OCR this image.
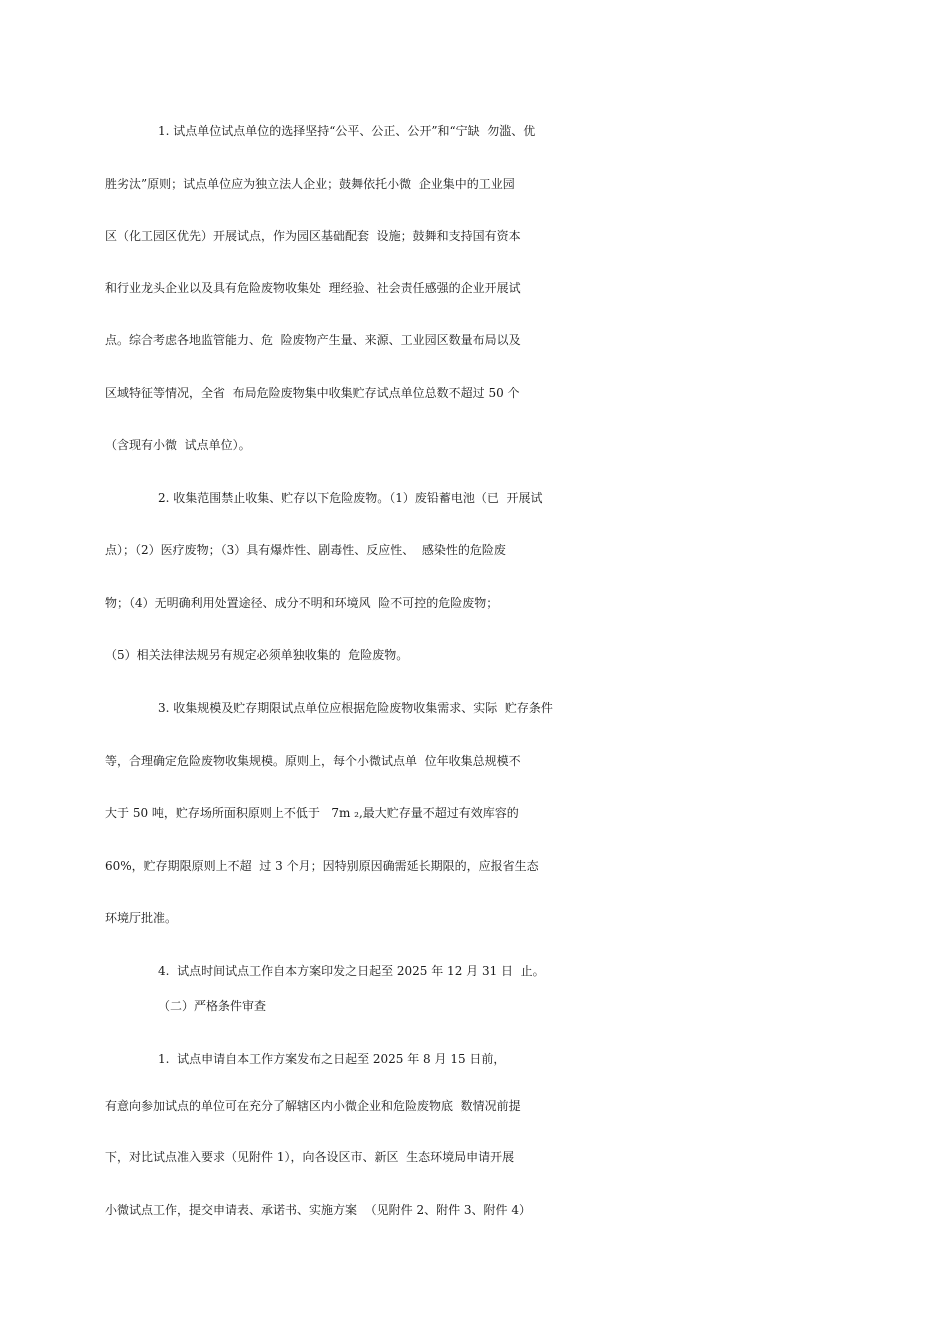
1. 试点单位试点单位的选择坚持“公平、公正、公开”和“宁缺  勿滥、优

胜劣汰”原则；试点单位应为独立法人企业；鼓舞依托小微  企业集中的工业园

区（化工园区优先）开展试点，作为园区基础配套  设施；鼓舞和支持国有资本

和行业龙头企业以及具有危险废物收集处  理经验、社会责任感强的企业开展试

点。综合考虑各地监管能力、危  险废物产生量、来源、工业园区数量布局以及

区域特征等情况，全省  布局危险废物集中收集贮存试点单位总数不超过 50 个

（含现有小微  试点单位）。

2. 收集范围禁止收集、贮存以下危险废物。（1）废铅蓄电池（已  开展试

点）；（2）医疗废物；（3）具有爆炸性、剧毒性、反应性、  感染性的危险废

物；（4）无明确利用处置途径、成分不明和环境风  险不可控的危险废物；

（5）相关法律法规另有规定必须单独收集的  危险废物。

3. 收集规模及贮存期限试点单位应根据危险废物收集需求、实际  贮存条件

等，合理确定危险废物收集规模。原则上，每个小微试点单  位年收集总规模不

大于 50 吨，贮存场所面积原则上不低于   7m ₂,最大贮存量不超过有效库容的

60%，贮存期限原则上不超  过 3 个月；因特别原因确需延长期限的，应报省生态

环境厅批准。

4.  试点时间试点工作自本方案印发之日起至 2025 年 12 月 31 日  止。

（二）严格条件审查

1.  试点申请自本工作方案发布之日起至 2025 年 8 月 15 日前，

有意向参加试点的单位可在充分了解辖区内小微企业和危险废物底  数情况前提

下，对比试点准入要求（见附件 1），向各设区市、新区  生态环境局申请开展

小微试点工作，提交申请表、承诺书、实施方案  （见附件 2、附件 3、附件 4）
